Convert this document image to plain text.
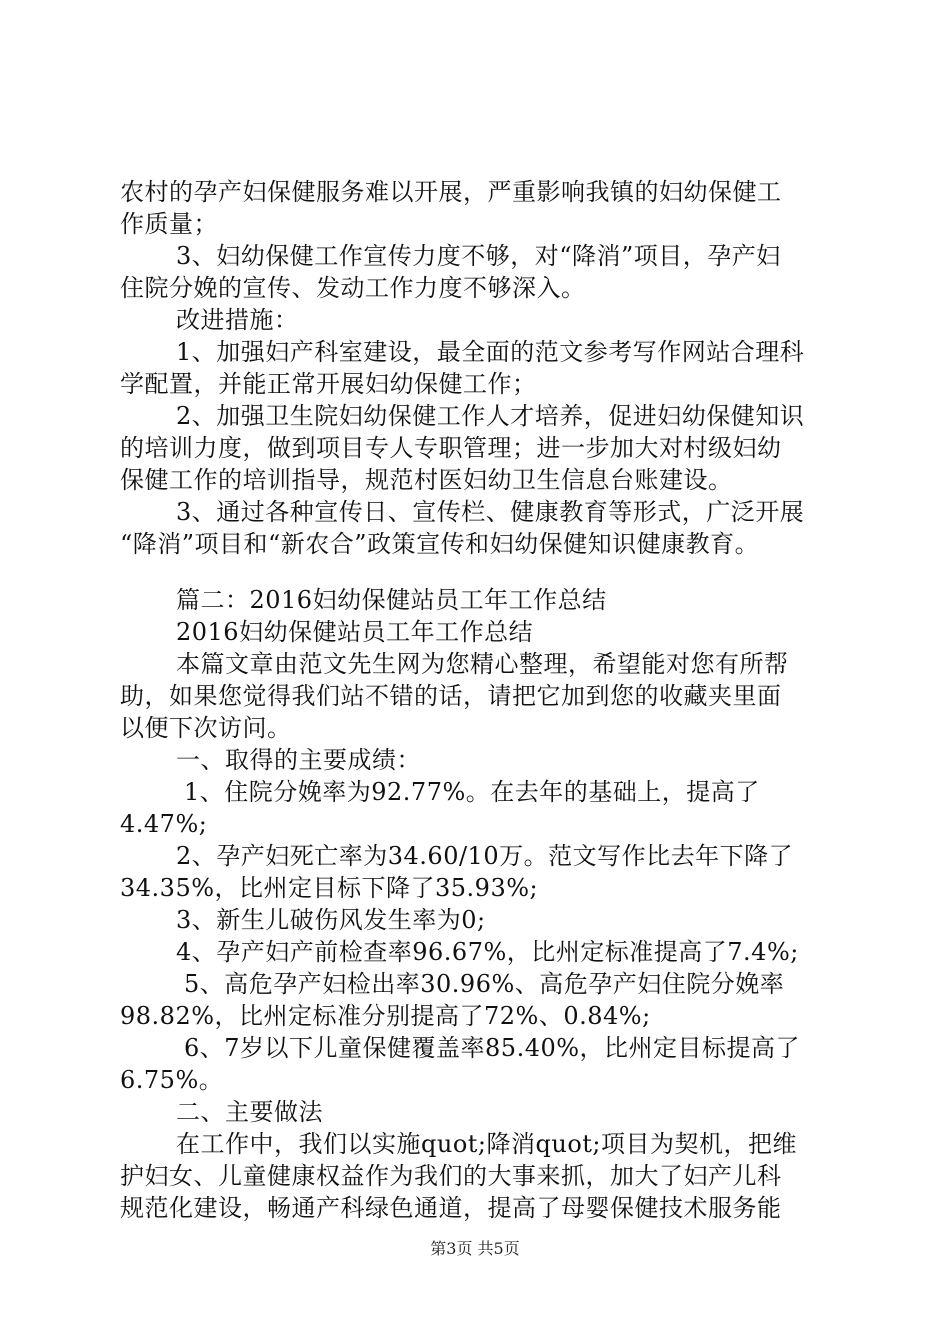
农村的孕产妇保健服务难以开展，严重影响我镇的妇幼保健工
作质量；
3、妇幼保健工作宣传力度不够，对“降消”项目，孕产妇
住院分娩的宣传、发动工作力度不够深入。
改进措施：
1、加强妇产科室建设，最全面的范文参考写作网站合理科
学配置，并能正常开展妇幼保健工作；
2、加强卫生院妇幼保健工作人才培养，促进妇幼保健知识
的培训力度，做到项目专人专职管理；进一步加大对村级妇幼
保健工作的培训指导，规范村医妇幼卫生信息台账建设。
3、通过各种宣传日、宣传栏、健康教育等形式，广泛开展
“降消”项目和“新农合”政策宣传和妇幼保健知识健康教育。
篇二：2016妇幼保健站员工年工作总结
2016妇幼保健站员工年工作总结
本篇文章由范文先生网为您精心整理，希望能对您有所帮
助，如果您觉得我们站不错的话，请把它加到您的收藏夹里面
以便下次访问。
一、取得的主要成绩：
1、住院分娩率为92.77%。在去年的基础上，提高了
4.47%;
2、孕产妇死亡率为34.60/10万。范文写作比去年下降了
34.35%，比州定目标下降了35.93%;
3、新生儿破伤风发生率为0;
4、孕产妇产前检查率96.67%，比州定标准提高了7.4%;
5、高危孕产妇检出率30.96%、高危孕产妇住院分娩率
98.82%，比州定标准分别提高了72%、0.84%;
6、7岁以下儿童保健覆盖率85.40%，比州定目标提高了
6.75%。
二、主要做法
在工作中，我们以实施quot;降消quot;项目为契机，把维
护妇女、儿童健康权益作为我们的大事来抓，加大了妇产儿科
规范化建设，畅通产科绿色通道，提高了母婴保健技术服务能
第3页 共5页
